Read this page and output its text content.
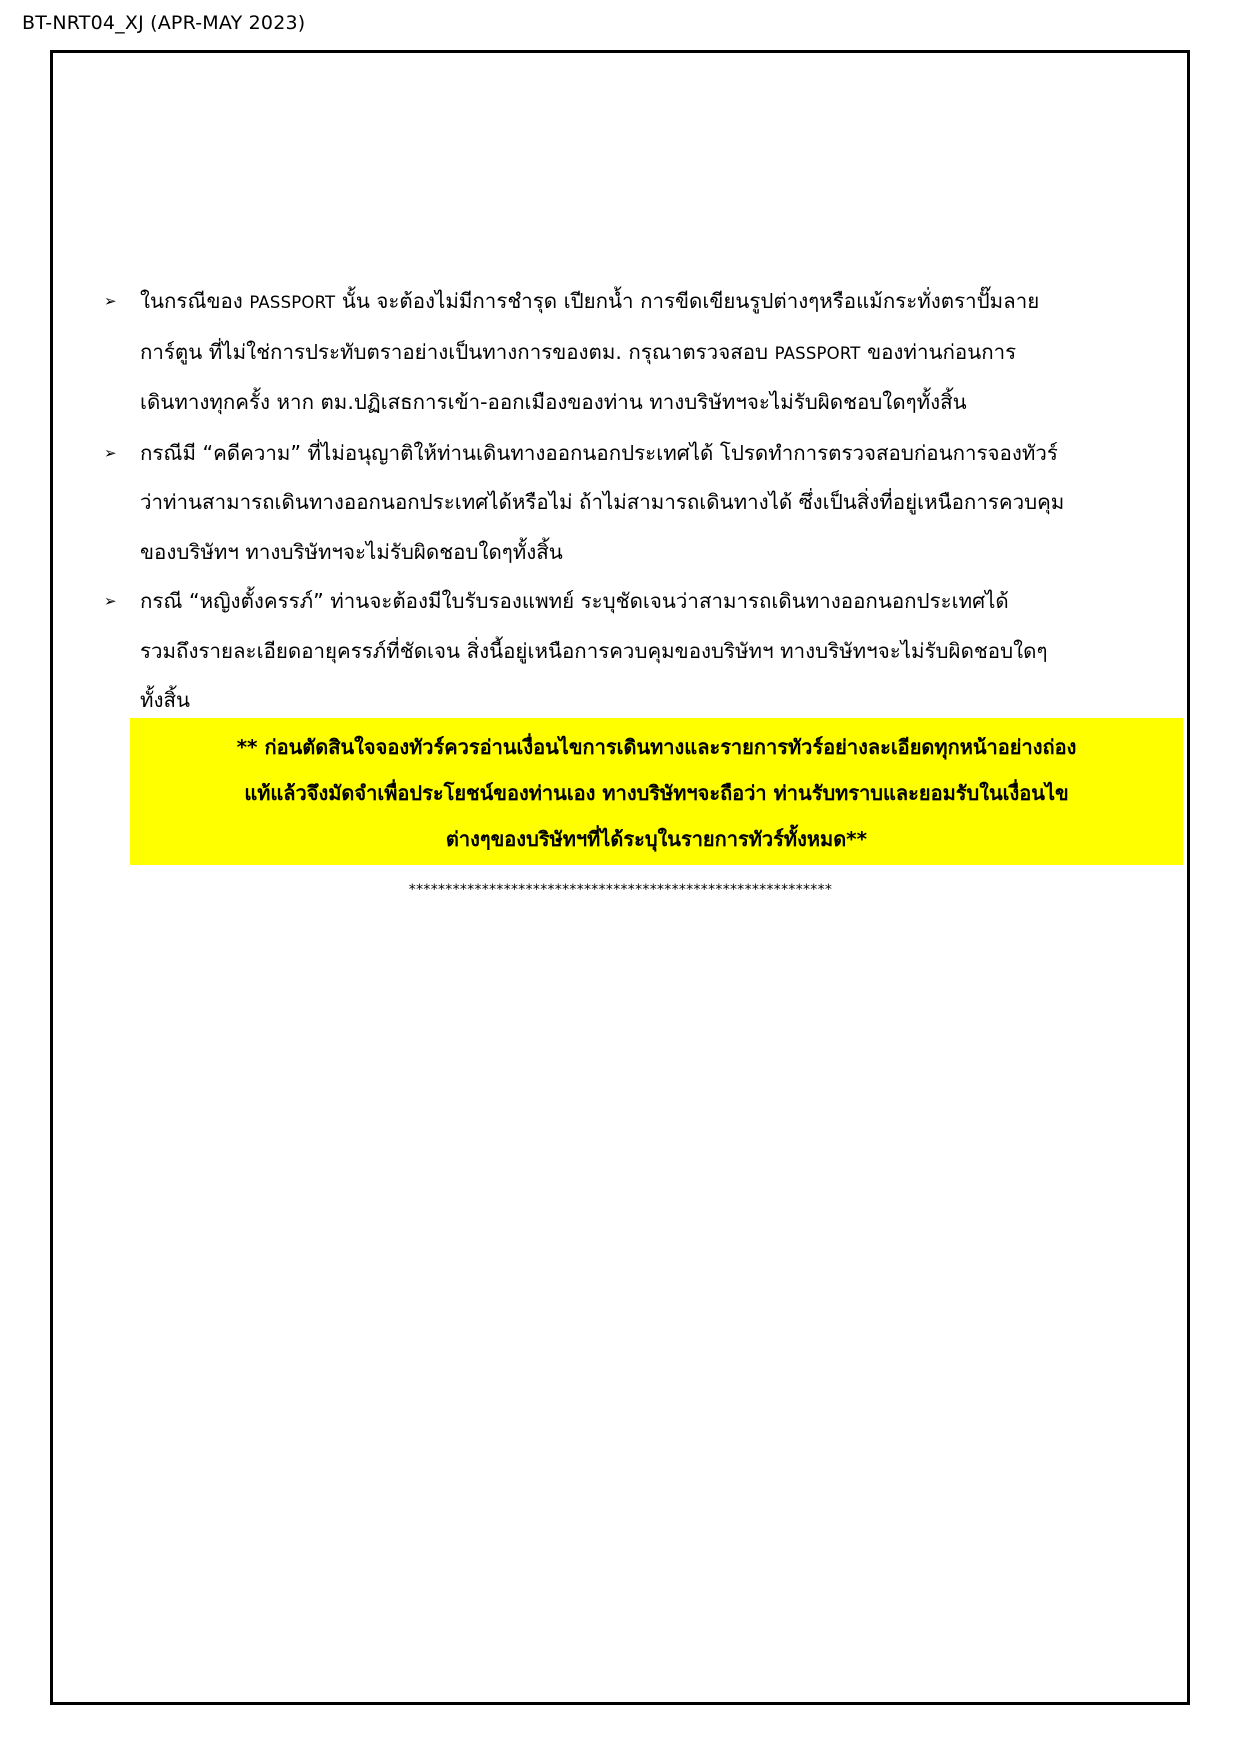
BT-NRT04_XJ (APR-MAY 2023)
➢ ในกรณีของ PASSPORT นั้น จะต้องไม่มีการชำรุด เปียกน้ำ การขีดเขียนรูปต่างๆหรือแม้กระทั่งตราปั๊มลาย
การ์ตูน ที่ไม่ใช่การประทับตราอย่างเป็นทางการของตม. กรุณาตรวจสอบ PASSPORT ของท่านก่อนการ
เดินทางทุกครั้ง หาก ตม.ปฏิเสธการเข้า-ออกเมืองของท่าน ทางบริษัทฯจะไม่รับผิดชอบใดๆทั้งสิ้น
➢ กรณีมี “คดีความ” ที่ไม่อนุญาติให้ท่านเดินทางออกนอกประเทศได้ โปรดทำการตรวจสอบก่อนการจองทัวร์
ว่าท่านสามารถเดินทางออกนอกประเทศได้หรือไม่ ถ้าไม่สามารถเดินทางได้ ซึ่งเป็นสิ่งที่อยู่เหนือการควบคุม
ของบริษัทฯ ทางบริษัทฯจะไม่รับผิดชอบใดๆทั้งสิ้น
➢ กรณี “หญิงตั้งครรภ์” ท่านจะต้องมีใบรับรองแพทย์ ระบุชัดเจนว่าสามารถเดินทางออกนอกประเทศได้
รวมถึงรายละเอียดอายุครรภ์ที่ชัดเจน สิ่งนี้อยู่เหนือการควบคุมของบริษัทฯ ทางบริษัทฯจะไม่รับผิดชอบใดๆ
ทั้งสิ้น
** ก่อนตัดสินใจจองทัวร์ควรอ่านเงื่อนไขการเดินทางและรายการทัวร์อย่างละเอียดทุกหน้าอย่างถ่อง
แท้แล้วจึงมัดจำเพื่อประโยชน์ของท่านเอง ทางบริษัทฯจะถือว่า ท่านรับทราบและยอมรับในเงื่อนไข
ต่างๆของบริษัทฯที่ได้ระบุในรายการทัวร์ทั้งหมด**
**********************************************************
